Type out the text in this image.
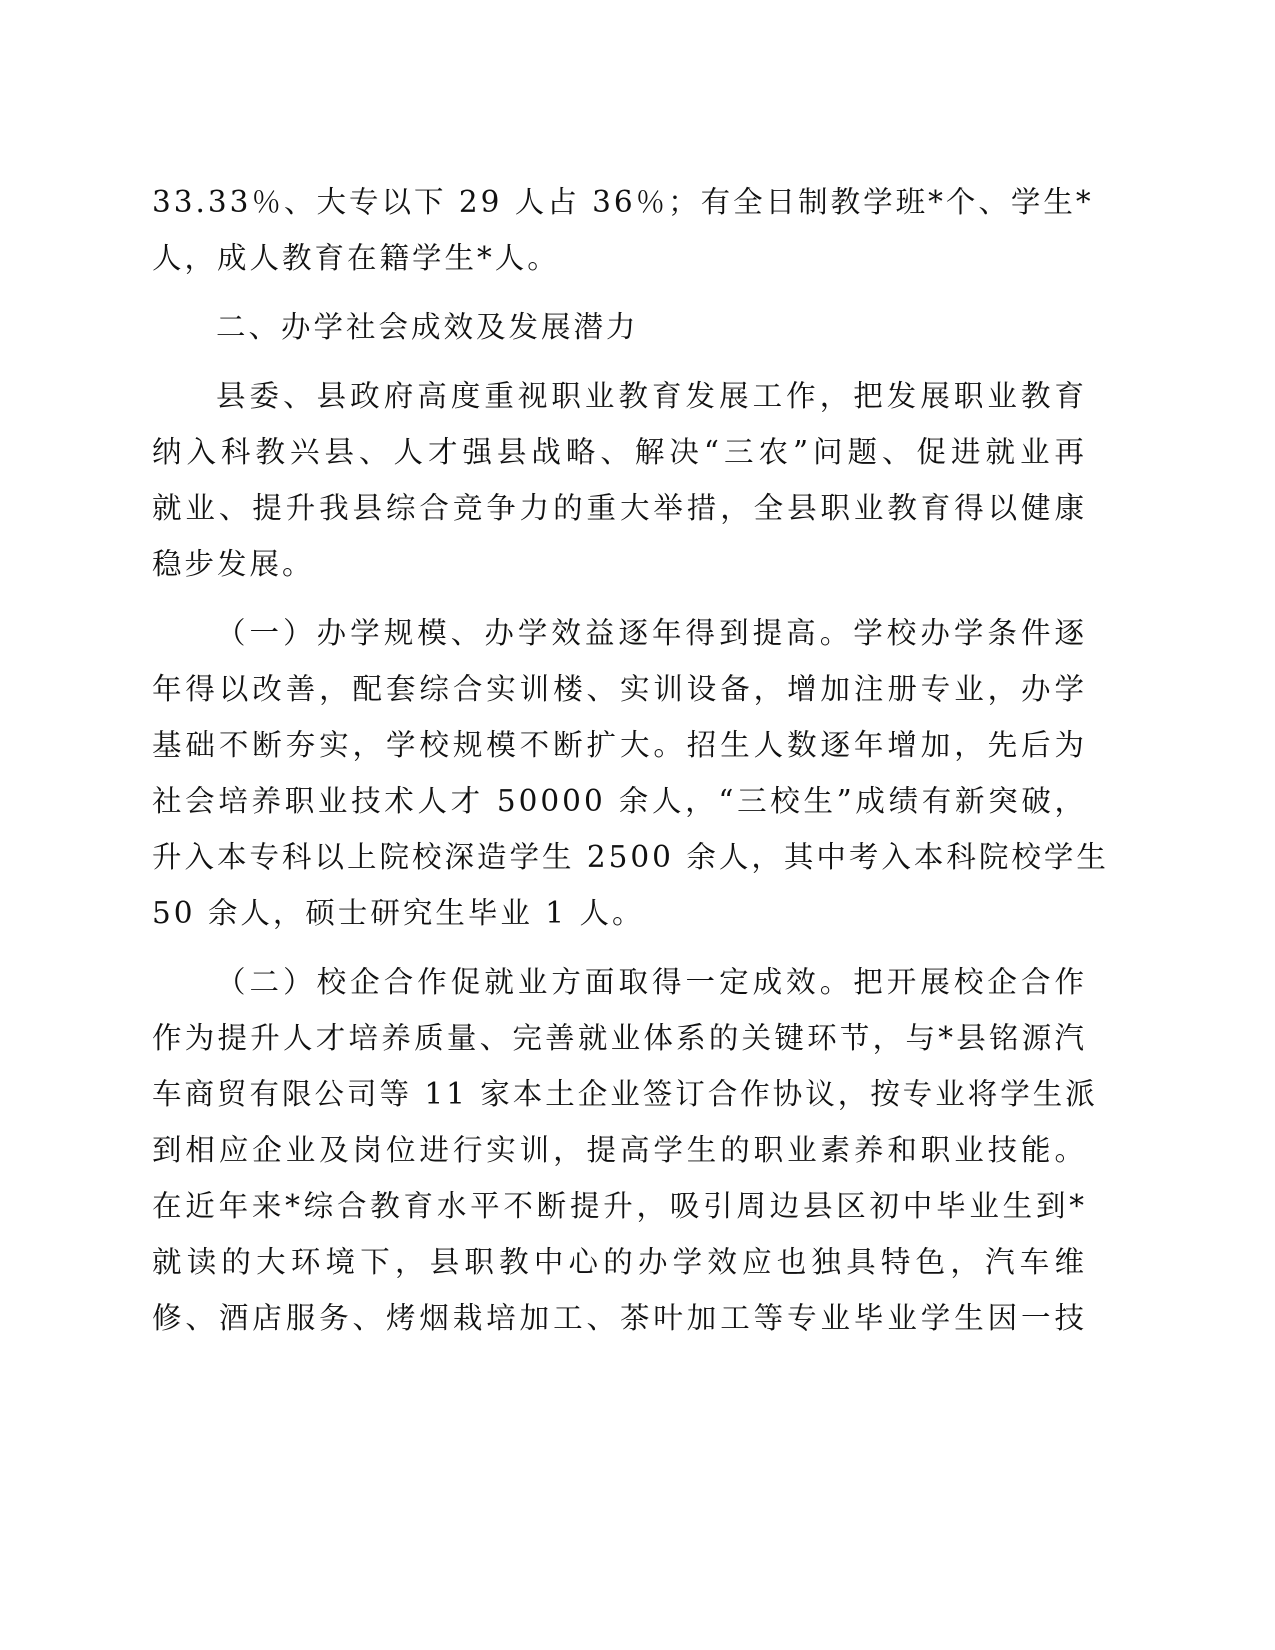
33.33％、大专以下 29 人占 36％；有全日制教学班*个、学生*
人，成人教育在籍学生*人。
二、办学社会成效及发展潜力
县委、县政府高度重视职业教育发展工作，把发展职业教育
纳入科教兴县、人才强县战略、解决“三农”问题、促进就业再
就业、提升我县综合竞争力的重大举措，全县职业教育得以健康
稳步发展。
（一）办学规模、办学效益逐年得到提高。学校办学条件逐
年得以改善，配套综合实训楼、实训设备，增加注册专业，办学
基础不断夯实，学校规模不断扩大。招生人数逐年增加，先后为
社会培养职业技术人才 50000 余人，“三校生”成绩有新突破，
升入本专科以上院校深造学生 2500 余人，其中考入本科院校学生
50 余人，硕士研究生毕业 1 人。
（二）校企合作促就业方面取得一定成效。把开展校企合作
作为提升人才培养质量、完善就业体系的关键环节，与*县铭源汽
车商贸有限公司等 11 家本土企业签订合作协议，按专业将学生派
到相应企业及岗位进行实训，提高学生的职业素养和职业技能。
在近年来*综合教育水平不断提升，吸引周边县区初中毕业生到*
就读的大环境下，县职教中心的办学效应也独具特色，汽车维
修、酒店服务、烤烟栽培加工、茶叶加工等专业毕业学生因一技
